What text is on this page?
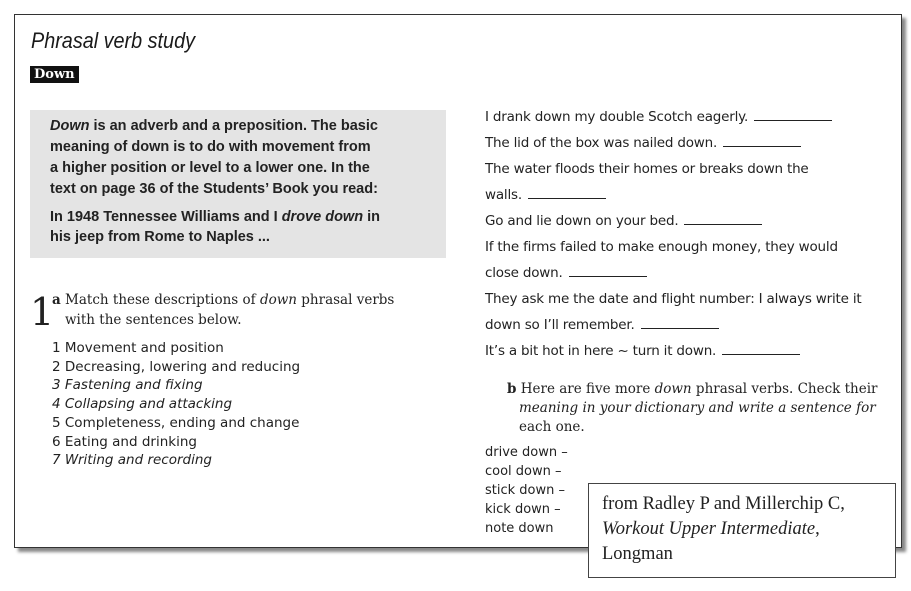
Phrasal verb study
Down
Down is an adverb and a preposition. The basic
meaning of down is to do with movement from
a higher position or level to a lower one. In the
text on page 36 of the Students’ Book you read:
In 1948 Tennessee Williams and I drove down in
his jeep from Rome to Naples ...
1
a Match these descriptions of down phrasal verbs
with the sentences below.
1 Movement and position
2 Decreasing, lowering and reducing
3 Fastening and fixing
4 Collapsing and attacking
5 Completeness, ending and change
6 Eating and drinking
7 Writing and recording
I drank down my double Scotch eagerly.
The lid of the box was nailed down.
The water floods their homes or breaks down the
walls.
Go and lie down on your bed.
If the firms failed to make enough money, they would
close down.
They ask me the date and flight number: I always write it
down so I’ll remember.
It’s a bit hot in here ~ turn it down.
b Here are five more down phrasal verbs. Check their
meaning in your dictionary and write a sentence for
each one.
drive down –
cool down –
stick down –
kick down –
note down
from Radley P and Millerchip C,
Workout Upper Intermediate,
Longman
